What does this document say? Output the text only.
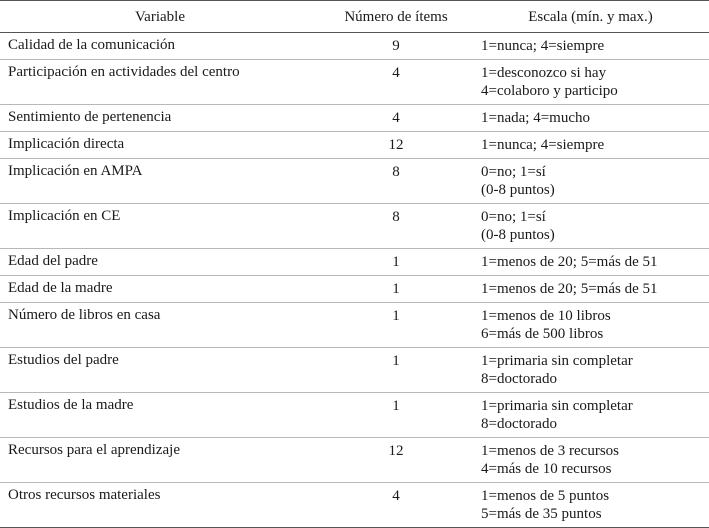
Variable	Número de ítems	Escala (mín. y max.)
Calidad de la comunicación	9	1=nunca; 4=siempre
Participación en actividades del centro	4	1=desconozco si hay
4=colaboro y participo
Sentimiento de pertenencia	4	1=nada; 4=mucho
Implicación directa	12	1=nunca; 4=siempre
Implicación en AMPA	8	0=no; 1=sí
(0-8 puntos)
Implicación en CE	8	0=no; 1=sí
(0-8 puntos)
Edad del padre	1	1=menos de 20; 5=más de 51
Edad de la madre	1	1=menos de 20; 5=más de 51
Número de libros en casa	1	1=menos de 10 libros
6=más de 500 libros
Estudios del padre	1	1=primaria sin completar
8=doctorado
Estudios de la madre	1	1=primaria sin completar
8=doctorado
Recursos para el aprendizaje	12	1=menos de 3 recursos
4=más de 10 recursos
Otros recursos materiales	4	1=menos de 5 puntos
5=más de 35 puntos
